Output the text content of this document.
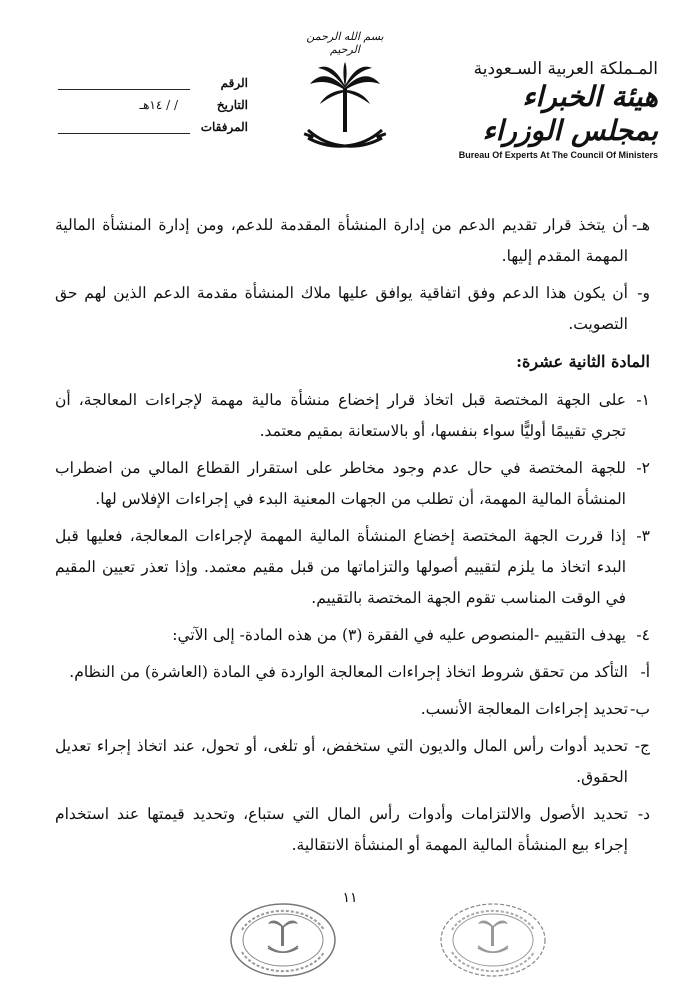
المـملكة العربية السـعودية
هيئة الخبراء بمجلس الوزراء
Bureau Of Experts At The Council Of Ministers
بسم الله الرحمن الرحيم
الرقم
التاريخ
/ / ١٤هـ
المرفقات

هـ-
أن يتخذ قرار تقديم الدعم من إدارة المنشأة المقدمة للدعم، ومن إدارة المنشأة المالية المهمة المقدم إليها.

و-
أن يكون هذا الدعم وفق اتفاقية يوافق عليها ملاك المنشأة مقدمة الدعم الذين لهم حق التصويت.

المادة الثانية عشرة:

١-
على الجهة المختصة قبل اتخاذ قرار إخضاع منشأة مالية مهمة لإجراءات المعالجة، أن تجري تقييمًا أوليًّا سواء بنفسها، أو بالاستعانة بمقيم معتمد.

٢-
للجهة المختصة في حال عدم وجود مخاطر على استقرار القطاع المالي من اضطراب المنشأة المالية المهمة، أن تطلب من الجهات المعنية البدء في إجراءات الإفلاس لها.

٣-
إذا قررت الجهة المختصة إخضاع المنشأة المالية المهمة لإجراءات المعالجة، فعليها قبل البدء اتخاذ ما يلزم لتقييم أصولها والتزاماتها من قبل مقيم معتمد. وإذا تعذر تعيين المقيم في الوقت المناسب تقوم الجهة المختصة بالتقييم.

٤-
يهدف التقييم -المنصوص عليه في الفقرة (٣) من هذه المادة- إلى الآتي:

أ-
التأكد من تحقق شروط اتخاذ إجراءات المعالجة الواردة في المادة (العاشرة) من النظام.

ب-
تحديد إجراءات المعالجة الأنسب.

ج-
تحديد أدوات رأس المال والديون التي ستخفض، أو تلغى، أو تحول، عند اتخاذ إجراء تعديل الحقوق.

د-
تحديد الأصول والالتزامات وأدوات رأس المال التي ستباع، وتحديد قيمتها عند استخدام إجراء بيع المنشأة المالية المهمة أو المنشأة الانتقالية.

١١
